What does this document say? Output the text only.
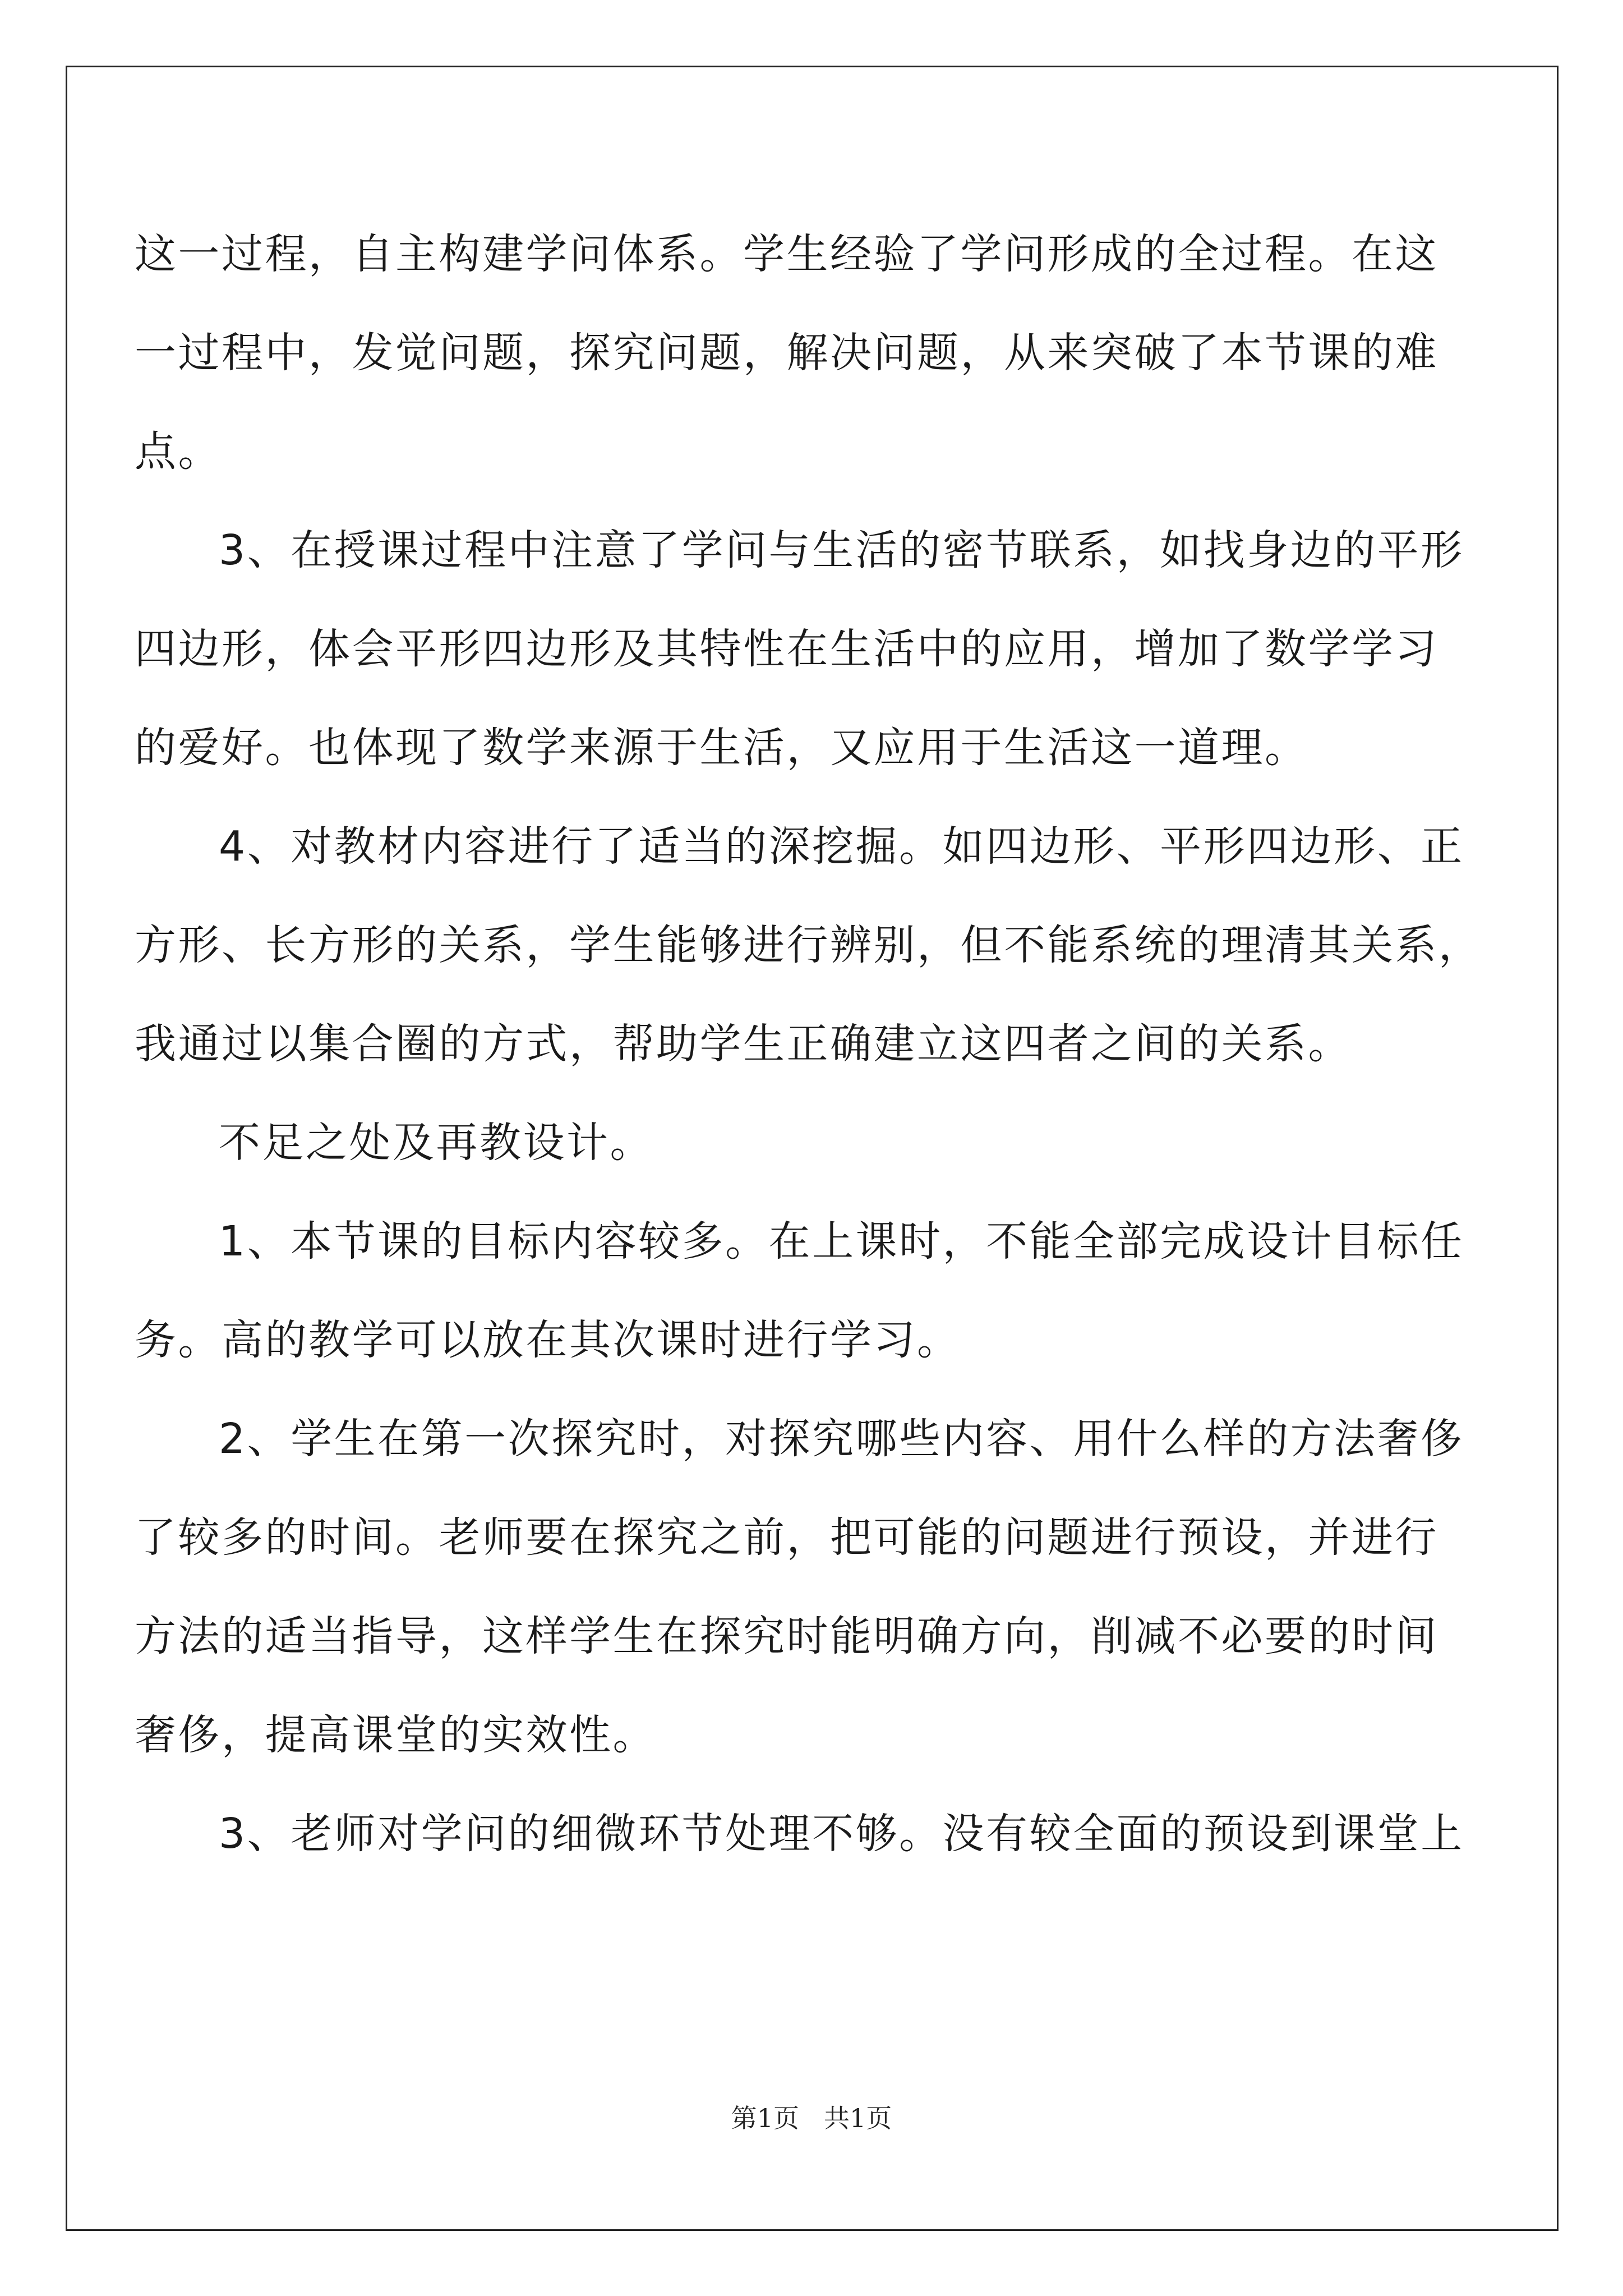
这一过程，自主构建学问体系。学生经验了学问形成的全过程。在这
一过程中，发觉问题，探究问题，解决问题，从来突破了本节课的难
点。
3、在授课过程中注意了学问与生活的密节联系，如找身边的平形
四边形，体会平形四边形及其特性在生活中的应用，增加了数学学习
的爱好。也体现了数学来源于生活，又应用于生活这一道理。
4、对教材内容进行了适当的深挖掘。如四边形、平形四边形、正
方形、长方形的关系，学生能够进行辨别，但不能系统的理清其关系，
我通过以集合圈的方式，帮助学生正确建立这四者之间的关系。
不足之处及再教设计。
1、本节课的目标内容较多。在上课时，不能全部完成设计目标任
务。高的教学可以放在其次课时进行学习。
2、学生在第一次探究时，对探究哪些内容、用什么样的方法奢侈
了较多的时间。老师要在探究之前，把可能的问题进行预设，并进行
方法的适当指导，这样学生在探究时能明确方向，削减不必要的时间
奢侈，提高课堂的实效性。
3、老师对学问的细微环节处理不够。没有较全面的预设到课堂上
第1页 共1页
